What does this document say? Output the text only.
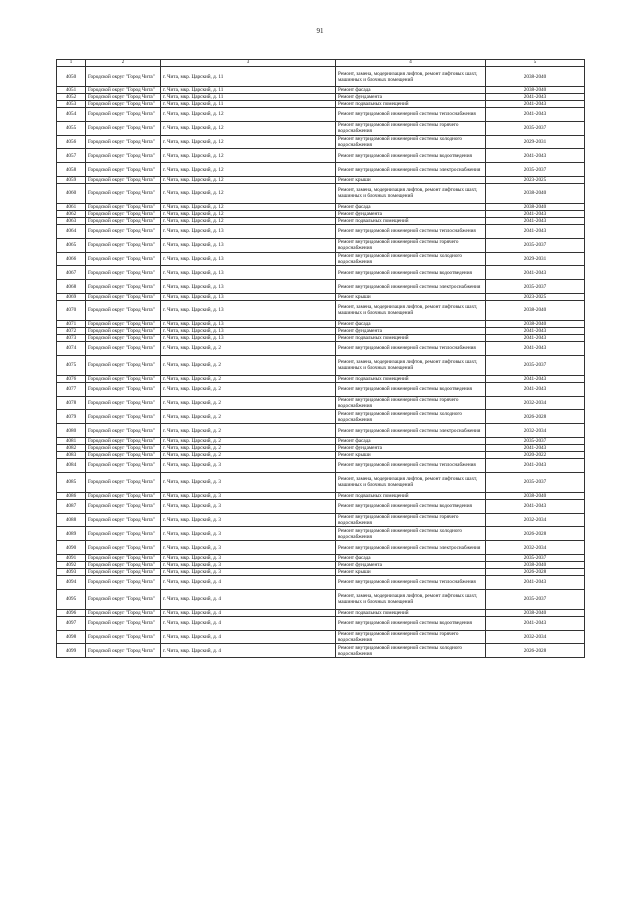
91
1	2	3	4	5
4050	Городской округ "Город Чита"	г. Чита, мкр. Царский, д. 11	Ремонт, замена, модернизация лифтов, ремонт лифтовых шахт, машинных и блочных помещений	2038-2040
4051	Городской округ "Город Чита"	г. Чита, мкр. Царский, д. 11	Ремонт фасада	2038-2040
4052	Городской округ "Город Чита"	г. Чита, мкр. Царский, д. 11	Ремонт фундамента	2041-2043
4053	Городской округ "Город Чита"	г. Чита, мкр. Царский, д. 11	Ремонт подвальных помещений	2041-2043
4054	Городской округ "Город Чита"	г. Чита, мкр. Царский, д. 12	Ремонт внутридомовой инженерной системы теплоснабжения	2041-2043
4055	Городской округ "Город Чита"	г. Чита, мкр. Царский, д. 12	Ремонт внутридомовой инженерной системы горячего водоснабжения	2035-2037
4056	Городской округ "Город Чита"	г. Чита, мкр. Царский, д. 12	Ремонт внутридомовой инженерной системы холодного водоснабжения	2029-2031
4057	Городской округ "Город Чита"	г. Чита, мкр. Царский, д. 12	Ремонт внутридомовой инженерной системы водоотведения	2041-2043
4058	Городской округ "Город Чита"	г. Чита, мкр. Царский, д. 12	Ремонт внутридомовой инженерной системы электроснабжения	2035-2037
4059	Городской округ "Город Чита"	г. Чита, мкр. Царский, д. 12	Ремонт крыши	2023-2025
4060	Городской округ "Город Чита"	г. Чита, мкр. Царский, д. 12	Ремонт, замена, модернизация лифтов, ремонт лифтовых шахт, машинных и блочных помещений	2038-2040
4061	Городской округ "Город Чита"	г. Чита, мкр. Царский, д. 12	Ремонт фасада	2038-2040
4062	Городской округ "Город Чита"	г. Чита, мкр. Царский, д. 12	Ремонт фундамента	2041-2043
4063	Городской округ "Город Чита"	г. Чита, мкр. Царский, д. 12	Ремонт подвальных помещений	2041-2043
4064	Городской округ "Город Чита"	г. Чита, мкр. Царский, д. 13	Ремонт внутридомовой инженерной системы теплоснабжения	2041-2043
4065	Городской округ "Город Чита"	г. Чита, мкр. Царский, д. 13	Ремонт внутридомовой инженерной системы горячего водоснабжения	2035-2037
4066	Городской округ "Город Чита"	г. Чита, мкр. Царский, д. 13	Ремонт внутридомовой инженерной системы холодного водоснабжения	2029-2031
4067	Городской округ "Город Чита"	г. Чита, мкр. Царский, д. 13	Ремонт внутридомовой инженерной системы водоотведения	2041-2043
4068	Городской округ "Город Чита"	г. Чита, мкр. Царский, д. 13	Ремонт внутридомовой инженерной системы электроснабжения	2035-2037
4069	Городской округ "Город Чита"	г. Чита, мкр. Царский, д. 13	Ремонт крыши	2023-2025
4070	Городской округ "Город Чита"	г. Чита, мкр. Царский, д. 13	Ремонт, замена, модернизация лифтов, ремонт лифтовых шахт, машинных и блочных помещений	2038-2040
4071	Городской округ "Город Чита"	г. Чита, мкр. Царский, д. 13	Ремонт фасада	2038-2040
4072	Городской округ "Город Чита"	г. Чита, мкр. Царский, д. 13	Ремонт фундамента	2041-2043
4073	Городской округ "Город Чита"	г. Чита, мкр. Царский, д. 13	Ремонт подвальных помещений	2041-2043
4074	Городской округ "Город Чита"	г. Чита, мкр. Царский, д. 2	Ремонт внутридомовой инженерной системы теплоснабжения	2041-2043
4075	Городской округ "Город Чита"	г. Чита, мкр. Царский, д. 2	Ремонт, замена, модернизация лифтов, ремонт лифтовых шахт, машинных и блочных помещений	2035-2037
4076	Городской округ "Город Чита"	г. Чита, мкр. Царский, д. 2	Ремонт подвальных помещений	2041-2043
4077	Городской округ "Город Чита"	г. Чита, мкр. Царский, д. 2	Ремонт внутридомовой инженерной системы водоотведения	2041-2043
4078	Городской округ "Город Чита"	г. Чита, мкр. Царский, д. 2	Ремонт внутридомовой инженерной системы горячего водоснабжения	2032-2034
4079	Городской округ "Город Чита"	г. Чита, мкр. Царский, д. 2	Ремонт внутридомовой инженерной системы холодного водоснабжения	2026-2028
4080	Городской округ "Город Чита"	г. Чита, мкр. Царский, д. 2	Ремонт внутридомовой инженерной системы электроснабжения	2032-2034
4081	Городской округ "Город Чита"	г. Чита, мкр. Царский, д. 2	Ремонт фасада	2035-2037
4082	Городской округ "Город Чита"	г. Чита, мкр. Царский, д. 2	Ремонт фундамента	2041-2043
4083	Городской округ "Город Чита"	г. Чита, мкр. Царский, д. 2	Ремонт крыши	2020-2022
4084	Городской округ "Город Чита"	г. Чита, мкр. Царский, д. 3	Ремонт внутридомовой инженерной системы теплоснабжения	2041-2043
4085	Городской округ "Город Чита"	г. Чита, мкр. Царский, д. 3	Ремонт, замена, модернизация лифтов, ремонт лифтовых шахт, машинных и блочных помещений	2035-2037
4086	Городской округ "Город Чита"	г. Чита, мкр. Царский, д. 3	Ремонт подвальных помещений	2038-2040
4087	Городской округ "Город Чита"	г. Чита, мкр. Царский, д. 3	Ремонт внутридомовой инженерной системы водоотведения	2041-2043
4088	Городской округ "Город Чита"	г. Чита, мкр. Царский, д. 3	Ремонт внутридомовой инженерной системы горячего водоснабжения	2032-2034
4089	Городской округ "Город Чита"	г. Чита, мкр. Царский, д. 3	Ремонт внутридомовой инженерной системы холодного водоснабжения	2026-2028
4090	Городской округ "Город Чита"	г. Чита, мкр. Царский, д. 3	Ремонт внутридомовой инженерной системы электроснабжения	2032-2034
4091	Городской округ "Город Чита"	г. Чита, мкр. Царский, д. 3	Ремонт фасада	2035-2037
4092	Городской округ "Город Чита"	г. Чита, мкр. Царский, д. 3	Ремонт фундамента	2038-2040
4093	Городской округ "Город Чита"	г. Чита, мкр. Царский, д. 3	Ремонт крыши	2026-2028
4094	Городской округ "Город Чита"	г. Чита, мкр. Царский, д. 4	Ремонт внутридомовой инженерной системы теплоснабжения	2041-2043
4095	Городской округ "Город Чита"	г. Чита, мкр. Царский, д. 4	Ремонт, замена, модернизация лифтов, ремонт лифтовых шахт, машинных и блочных помещений	2035-2037
4096	Городской округ "Город Чита"	г. Чита, мкр. Царский, д. 4	Ремонт подвальных помещений	2038-2040
4097	Городской округ "Город Чита"	г. Чита, мкр. Царский, д. 4	Ремонт внутридомовой инженерной системы водоотведения	2041-2043
4098	Городской округ "Город Чита"	г. Чита, мкр. Царский, д. 4	Ремонт внутридомовой инженерной системы горячего водоснабжения	2032-2034
4099	Городской округ "Город Чита"	г. Чита, мкр. Царский, д. 4	Ремонт внутридомовой инженерной системы холодного водоснабжения	2026-2028
